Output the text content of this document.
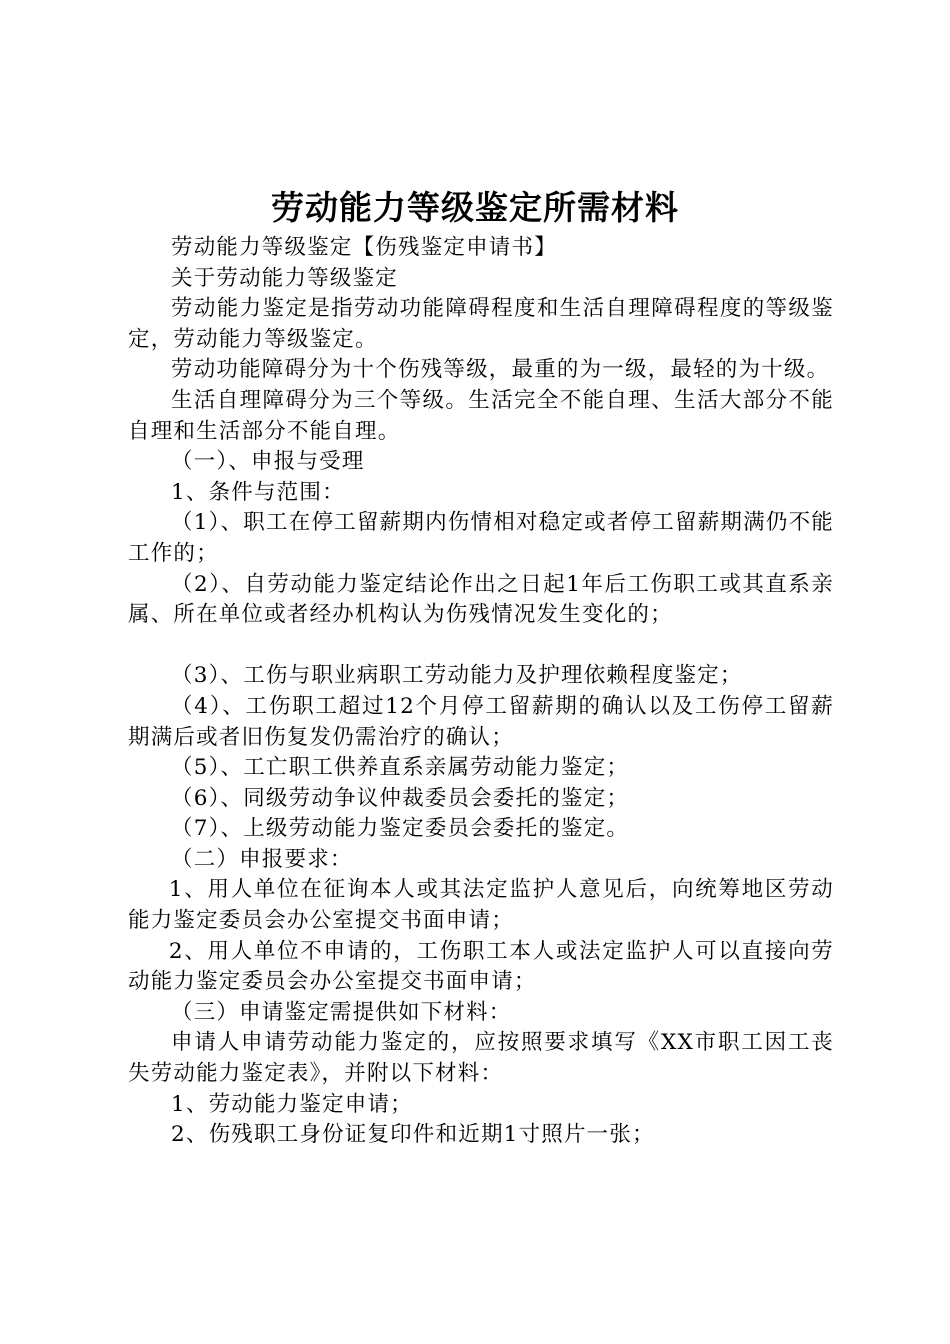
劳动能力等级鉴定所需材料

劳动能力等级鉴定【伤残鉴定申请书】

关于劳动能力等级鉴定

劳动能力鉴定是指劳动功能障碍程度和生活自理障碍程度的等级鉴定，劳动能力等级鉴定。

劳动功能障碍分为十个伤残等级，最重的为一级，最轻的为十级。

生活自理障碍分为三个等级。生活完全不能自理、生活大部分不能自理和生活部分不能自理。

（一）、申报与受理

1、条件与范围：

（1）、职工在停工留薪期内伤情相对稳定或者停工留薪期满仍不能工作的；

（2）、自劳动能力鉴定结论作出之日起1年后工伤职工或其直系亲属、所在单位或者经办机构认为伤残情况发生变化的；

（3）、工伤与职业病职工劳动能力及护理依赖程度鉴定；

（4）、工伤职工超过12个月停工留薪期的确认以及工伤停工留薪期满后或者旧伤复发仍需治疗的确认；

（5）、工亡职工供养直系亲属劳动能力鉴定；

（6）、同级劳动争议仲裁委员会委托的鉴定；

（7）、上级劳动能力鉴定委员会委托的鉴定。

（二）申报要求：

1、用人单位在征询本人或其法定监护人意见后，向统筹地区劳动能力鉴定委员会办公室提交书面申请；

2、用人单位不申请的，工伤职工本人或法定监护人可以直接向劳动能力鉴定委员会办公室提交书面申请；

（三）申请鉴定需提供如下材料：

申请人申请劳动能力鉴定的，应按照要求填写《XX市职工因工丧失劳动能力鉴定表》，并附以下材料：

1、劳动能力鉴定申请；

2、伤残职工身份证复印件和近期1寸照片一张；
